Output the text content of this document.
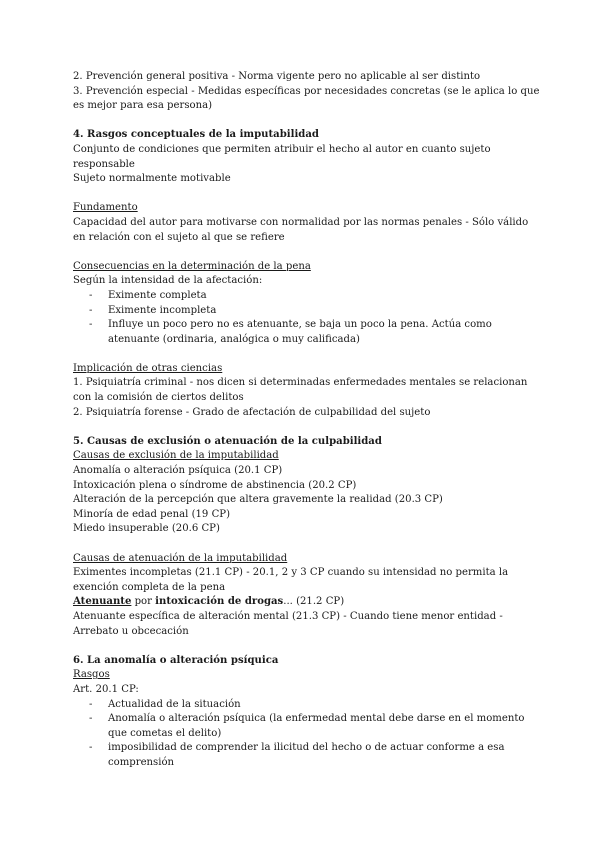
2. Prevención general positiva - Norma vigente pero no aplicable al ser distinto

3. Prevención especial - Medidas específicas por necesidades concretas (se le aplica lo que es mejor para esa persona)

4. Rasgos conceptuales de la imputabilidad

Conjunto de condiciones que permiten atribuir el hecho al autor en cuanto sujeto responsable

Sujeto normalmente motivable

Fundamento

Capacidad del autor para motivarse con normalidad por las normas penales - Sólo válido en relación con el sujeto al que se refiere

Consecuencias en la determinación de la pena

Según la intensidad de la afectación:

-	Eximente completa
-	Eximente incompleta
-	Influye un poco pero no es atenuante, se baja un poco la pena. Actúa como atenuante (ordinaria, analógica o muy calificada)

Implicación de otras ciencias

1. Psiquiatría criminal - nos dicen si determinadas enfermedades mentales se relacionan con la comisión de ciertos delitos

2. Psiquiatría forense - Grado de afectación de culpabilidad del sujeto

5. Causas de exclusión o atenuación de la culpabilidad

Causas de exclusión de la imputabilidad

Anomalía o alteración psíquica (20.1 CP)

Intoxicación plena o síndrome de abstinencia (20.2 CP)

Alteración de la percepción que altera gravemente la realidad (20.3 CP)

Minoría de edad penal (19 CP)

Miedo insuperable (20.6 CP)

Causas de atenuación de la imputabilidad

Eximentes incompletas (21.1 CP) - 20.1, 2 y 3 CP cuando su intensidad no permita la exención completa de la pena

Atenuante por intoxicación de drogas... (21.2 CP)

Atenuante específica de alteración mental (21.3 CP) - Cuando tiene menor entidad - Arrebato u obcecación

6. La anomalía o alteración psíquica

Rasgos

Art. 20.1 CP:

-	Actualidad de la situación
-	Anomalía o alteración psíquica (la enfermedad mental debe darse en el momento que cometas el delito)
-	imposibilidad de comprender la ilicitud del hecho o de actuar conforme a esa comprensión
